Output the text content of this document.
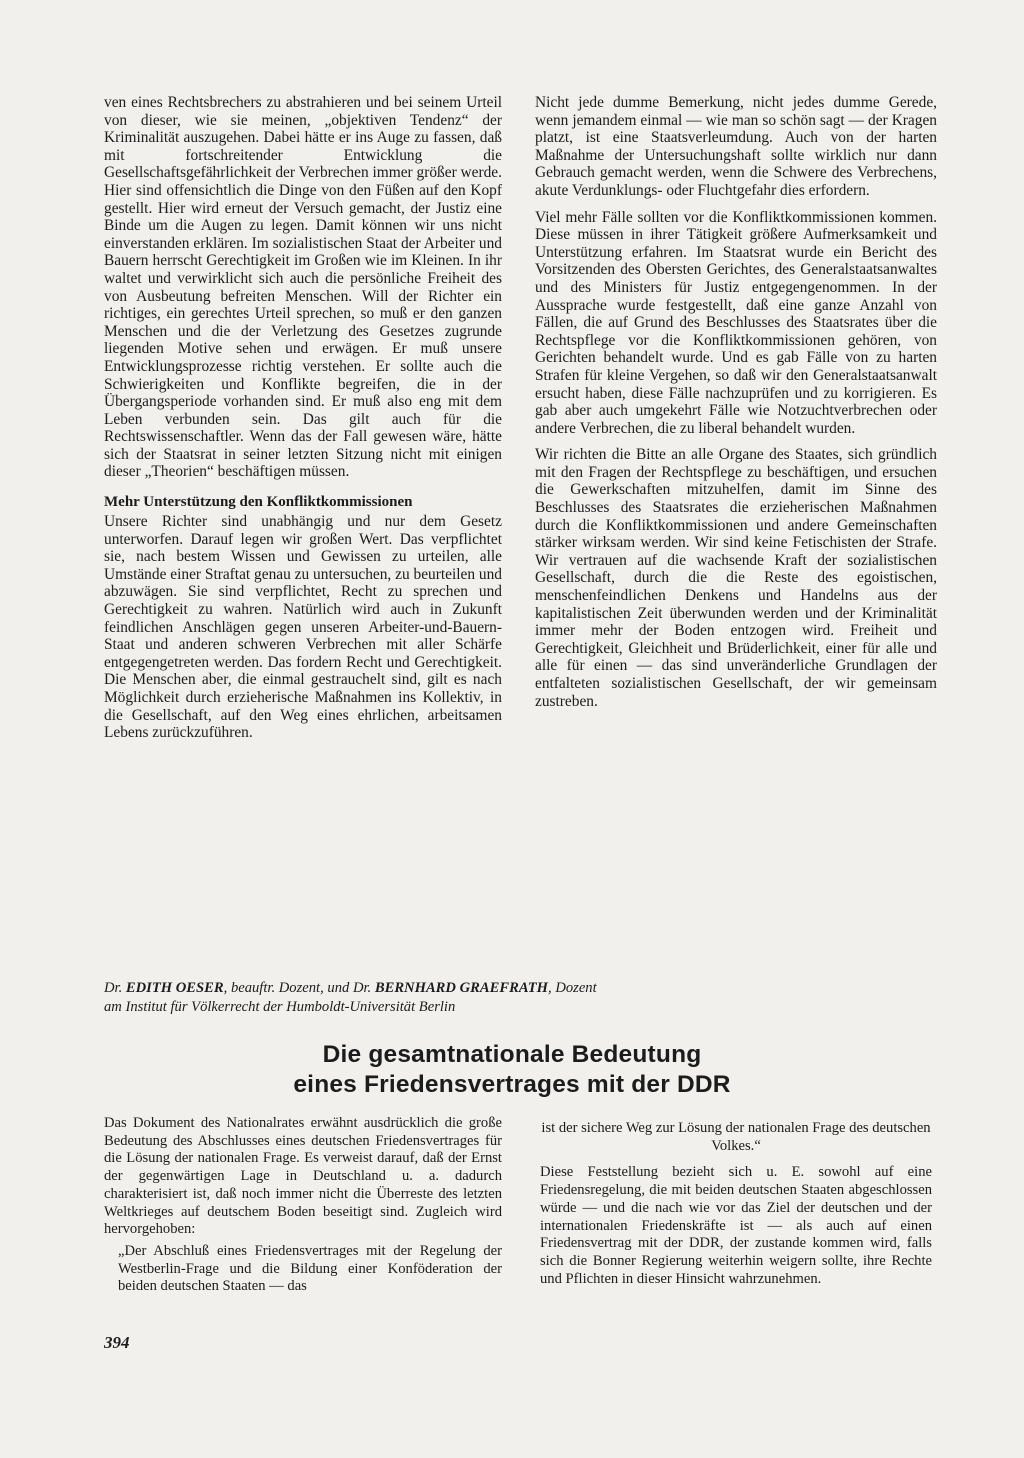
ven eines Rechtsbrechers zu abstrahieren und bei seinem Urteil von dieser, wie sie meinen, „objektiven Tendenz“ der Kriminalität auszugehen. Dabei hätte er ins Auge zu fassen, daß mit fortschreitender Entwicklung die Gesellschaftsgefährlichkeit der Verbrechen immer größer werde.

Hier sind offensichtlich die Dinge von den Füßen auf den Kopf gestellt. Hier wird erneut der Versuch gemacht, der Justiz eine Binde um die Augen zu legen. Damit können wir uns nicht einverstanden erklären. Im sozialistischen Staat der Arbeiter und Bauern herrscht Gerechtigkeit im Großen wie im Kleinen. In ihr waltet und verwirklicht sich auch die persönliche Freiheit des von Ausbeutung befreiten Menschen. Will der Richter ein richtiges, ein gerechtes Urteil sprechen, so muß er den ganzen Menschen und die der Verletzung des Gesetzes zugrunde liegenden Motive sehen und erwägen. Er muß unsere Entwicklungsprozesse richtig verstehen. Er sollte auch die Schwierigkeiten und Konflikte begreifen, die in der Übergangsperiode vorhanden sind. Er muß also eng mit dem Leben verbunden sein. Das gilt auch für die Rechtswissenschaftler. Wenn das der Fall gewesen wäre, hätte sich der Staatsrat in seiner letzten Sitzung nicht mit einigen dieser „Theorien“ beschäftigen müssen.

Mehr Unterstützung den Konfliktkommissionen

Unsere Richter sind unabhängig und nur dem Gesetz unterworfen. Darauf legen wir großen Wert. Das verpflichtet sie, nach bestem Wissen und Gewissen zu urteilen, alle Umstände einer Straftat genau zu untersuchen, zu beurteilen und abzuwägen. Sie sind verpflichtet, Recht zu sprechen und Gerechtigkeit zu wahren. Natürlich wird auch in Zukunft feindlichen Anschlägen gegen unseren Arbeiter-und-Bauern-Staat und anderen schweren Verbrechen mit aller Schärfe entgegengetreten werden. Das fordern Recht und Gerechtigkeit. Die Menschen aber, die einmal gestrauchelt sind, gilt es nach Möglichkeit durch erzieherische Maßnahmen ins Kollektiv, in die Gesellschaft, auf den Weg eines ehrlichen, arbeitsamen Lebens zurückzuführen.

Nicht jede dumme Bemerkung, nicht jedes dumme Gerede, wenn jemandem einmal — wie man so schön sagt — der Kragen platzt, ist eine Staatsverleumdung. Auch von der harten Maßnahme der Untersuchungshaft sollte wirklich nur dann Gebrauch gemacht werden, wenn die Schwere des Verbrechens, akute Verdunklungs- oder Fluchtgefahr dies erfordern.

Viel mehr Fälle sollten vor die Konfliktkommissionen kommen. Diese müssen in ihrer Tätigkeit größere Aufmerksamkeit und Unterstützung erfahren. Im Staatsrat wurde ein Bericht des Vorsitzenden des Obersten Gerichtes, des Generalstaatsanwaltes und des Ministers für Justiz entgegengenommen. In der Aussprache wurde festgestellt, daß eine ganze Anzahl von Fällen, die auf Grund des Beschlusses des Staatsrates über die Rechtspflege vor die Konfliktkommissionen gehören, von Gerichten behandelt wurde. Und es gab Fälle von zu harten Strafen für kleine Vergehen, so daß wir den Generalstaatsanwalt ersucht haben, diese Fälle nachzuprüfen und zu korrigieren. Es gab aber auch umgekehrt Fälle wie Notzuchtverbrechen oder andere Verbrechen, die zu liberal behandelt wurden.

Wir richten die Bitte an alle Organe des Staates, sich gründlich mit den Fragen der Rechtspflege zu beschäftigen, und ersuchen die Gewerkschaften mitzuhelfen, damit im Sinne des Beschlusses des Staatsrates die erzieherischen Maßnahmen durch die Konfliktkommissionen und andere Gemeinschaften stärker wirksam werden. Wir sind keine Fetischisten der Strafe. Wir vertrauen auf die wachsende Kraft der sozialistischen Gesellschaft, durch die die Reste des egoistischen, menschenfeindlichen Denkens und Handelns aus der kapitalistischen Zeit überwunden werden und der Kriminalität immer mehr der Boden entzogen wird. Freiheit und Gerechtigkeit, Gleichheit und Brüderlichkeit, einer für alle und alle für einen — das sind unveränderliche Grundlagen der entfalteten sozialistischen Gesellschaft, der wir gemeinsam zustreben.

Dr. EDITH OESER, beauftr. Dozent, und Dr. BERNHARD GRAEFRATH, Dozent
am Institut für Völkerrecht der Humboldt-Universität Berlin
Die gesamtnationale Bedeutung
eines Friedensvertrages mit der DDR

Das Dokument des Nationalrates erwähnt ausdrücklich die große Bedeutung des Abschlusses eines deutschen Friedensvertrages für die Lösung der nationalen Frage. Es verweist darauf, daß der Ernst der gegenwärtigen Lage in Deutschland u. a. dadurch charakterisiert ist, daß noch immer nicht die Überreste des letzten Weltkrieges auf deutschem Boden beseitigt sind. Zugleich wird hervorgehoben:

„Der Abschluß eines Friedensvertrages mit der Regelung der Westberlin-Frage und die Bildung einer Konföderation der beiden deutschen Staaten — das

ist der sichere Weg zur Lösung der nationalen Frage des deutschen Volkes.“

Diese Feststellung bezieht sich u. E. sowohl auf eine Friedensregelung, die mit beiden deutschen Staaten abgeschlossen würde — und die nach wie vor das Ziel der deutschen und der internationalen Friedenskräfte ist — als auch auf einen Friedensvertrag mit der DDR, der zustande kommen wird, falls sich die Bonner Regierung weiterhin weigern sollte, ihre Rechte und Pflichten in dieser Hinsicht wahrzunehmen.

394
